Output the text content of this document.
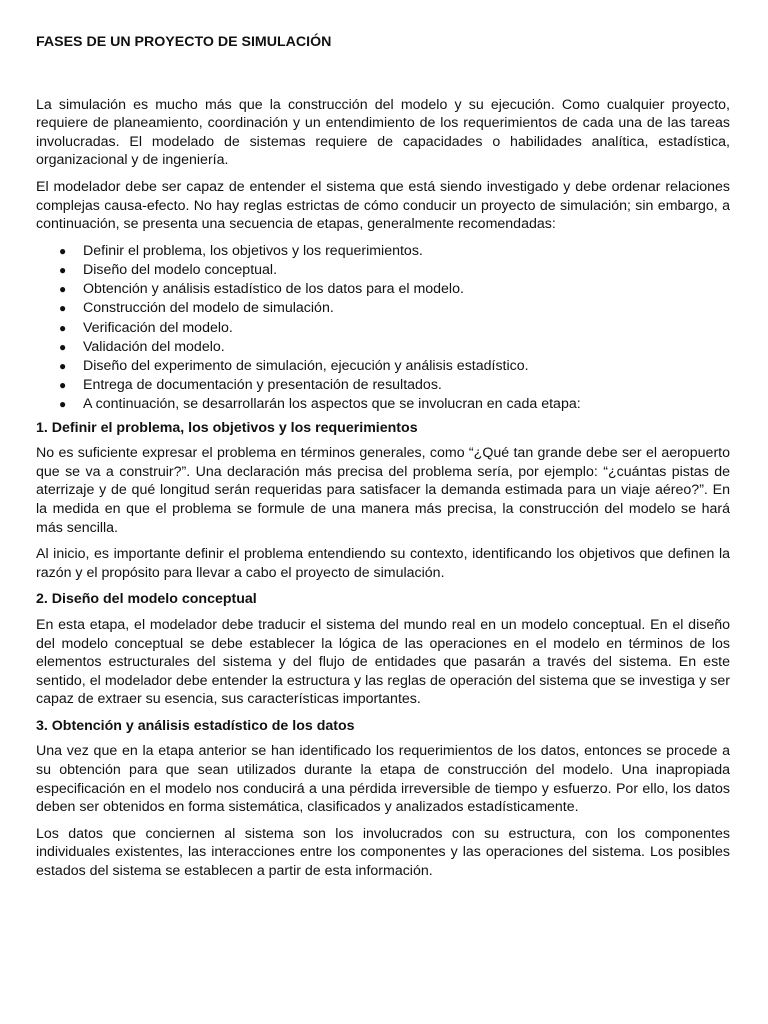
FASES DE UN PROYECTO DE SIMULACIÓN

La simulación es mucho más que la construcción del modelo y su ejecución. Como cualquier proyecto, requiere de planeamiento, coordinación y un entendimiento de los requerimientos de cada una de las tareas involucradas. El modelado de sistemas requiere de capacidades o habilidades analítica, estadística, organizacional y de ingeniería.

El modelador debe ser capaz de entender el sistema que está siendo investigado y debe ordenar relaciones complejas causa-efecto. No hay reglas estrictas de cómo conducir un proyecto de simulación; sin embargo, a continuación, se presenta una secuencia de etapas, generalmente recomendadas:

● Definir el problema, los objetivos y los requerimientos.
● Diseño del modelo conceptual.
● Obtención y análisis estadístico de los datos para el modelo.
● Construcción del modelo de simulación.
● Verificación del modelo.
● Validación del modelo.
● Diseño del experimento de simulación, ejecución y análisis estadístico.
● Entrega de documentación y presentación de resultados.
● A continuación, se desarrollarán los aspectos que se involucran en cada etapa:
1. Definir el problema, los objetivos y los requerimientos

No es suficiente expresar el problema en términos generales, como “¿Qué tan grande debe ser el aeropuerto que se va a construir?”. Una declaración más precisa del problema sería, por ejemplo: “¿cuántas pistas de aterrizaje y de qué longitud serán requeridas para satisfacer la demanda estimada para un viaje aéreo?”. En la medida en que el problema se formule de una manera más precisa, la construcción del modelo se hará más sencilla.

Al inicio, es importante definir el problema entendiendo su contexto, identificando los objetivos que definen la razón y el propósito para llevar a cabo el proyecto de simulación.

2. Diseño del modelo conceptual

En esta etapa, el modelador debe traducir el sistema del mundo real en un modelo conceptual. En el diseño del modelo conceptual se debe establecer la lógica de las operaciones en el modelo en términos de los elementos estructurales del sistema y del flujo de entidades que pasarán a través del sistema. En este sentido, el modelador debe entender la estructura y las reglas de operación del sistema que se investiga y ser capaz de extraer su esencia, sus características importantes.

3. Obtención y análisis estadístico de los datos

Una vez que en la etapa anterior se han identificado los requerimientos de los datos, entonces se procede a su obtención para que sean utilizados durante la etapa de construcción del modelo. Una inapropiada especificación en el modelo nos conducirá a una pérdida irreversible de tiempo y esfuerzo. Por ello, los datos deben ser obtenidos en forma sistemática, clasificados y analizados estadísticamente.

Los datos que conciernen al sistema son los involucrados con su estructura, con los componentes individuales existentes, las interacciones entre los componentes y las operaciones del sistema. Los posibles estados del sistema se establecen a partir de esta información.
